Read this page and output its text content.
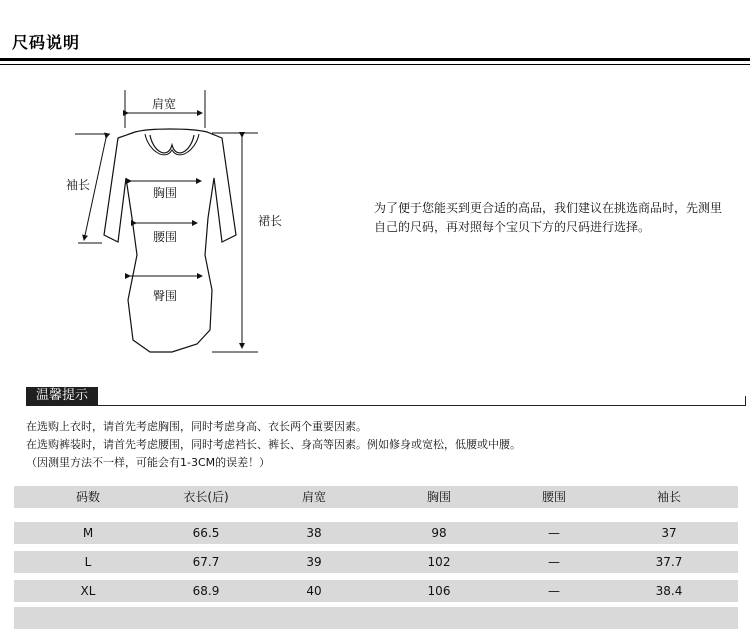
尺码说明
肩宽
袖长
胸围
腰围
臀围
裙长
为了便于您能买到更合适的高品，我们建议在挑选商品时，先测里
自己的尺码，再对照每个宝贝下方的尺码进行选择。
温馨提示
在选购上衣时，请首先考虑胸围，同时考虑身高、衣长两个重要因素。
在选购裤装时，请首先考虑腰围，同时考虑裆长、裤长、身高等因素。例如修身或宽松，低腰或中腰。
（因测里方法不一样，可能会有1-3CM的误差！）
码数	衣长(后)	肩宽	胸围	腰围	袖长
M	66.5	38	98	—	37
L	67.7	39	102	—	37.7
XL	68.9	40	106	—	38.4
